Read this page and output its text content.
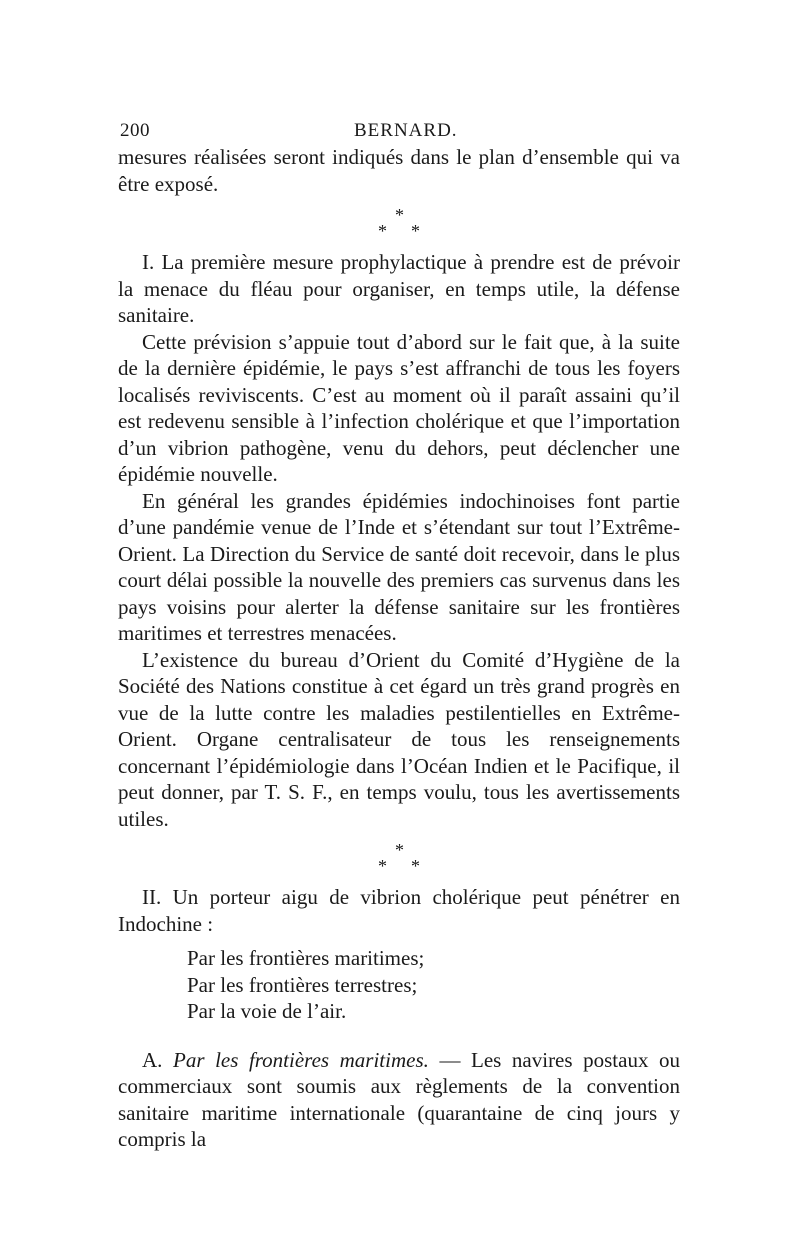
200	BERNARD.

mesures réalisées seront indiqués dans le plan d’ensemble qui va être exposé.

*
* *

I. La première mesure prophylactique à prendre est de prévoir la menace du fléau pour organiser, en temps utile, la défense sanitaire.

Cette prévision s’appuie tout d’abord sur le fait que, à la suite de la dernière épidémie, le pays s’est affranchi de tous les foyers localisés reviviscents. C’est au moment où il paraît assaini qu’il est redevenu sensible à l’infection cholérique et que l’importation d’un vibrion pathogène, venu du dehors, peut déclencher une épidémie nouvelle.

En général les grandes épidémies indochinoises font partie d’une pandémie venue de l’Inde et s’étendant sur tout l’Extrême-Orient. La Direction du Service de santé doit recevoir, dans le plus court délai possible la nouvelle des premiers cas survenus dans les pays voisins pour alerter la défense sanitaire sur les frontières maritimes et terrestres menacées.

L’existence du bureau d’Orient du Comité d’Hygiène de la Société des Nations constitue à cet égard un très grand progrès en vue de la lutte contre les maladies pestilentielles en Extrême-Orient. Organe centralisateur de tous les renseignements concernant l’épidémiologie dans l’Océan Indien et le Pacifique, il peut donner, par T. S. F., en temps voulu, tous les avertissements utiles.

*
* *

II. Un porteur aigu de vibrion cholérique peut pénétrer en Indochine :

Par les frontières maritimes;
Par les frontières terrestres;
Par la voie de l’air.

A. Par les frontières maritimes. — Les navires postaux ou commerciaux sont soumis aux règlements de la convention sanitaire maritime internationale (quarantaine de cinq jours y compris la
